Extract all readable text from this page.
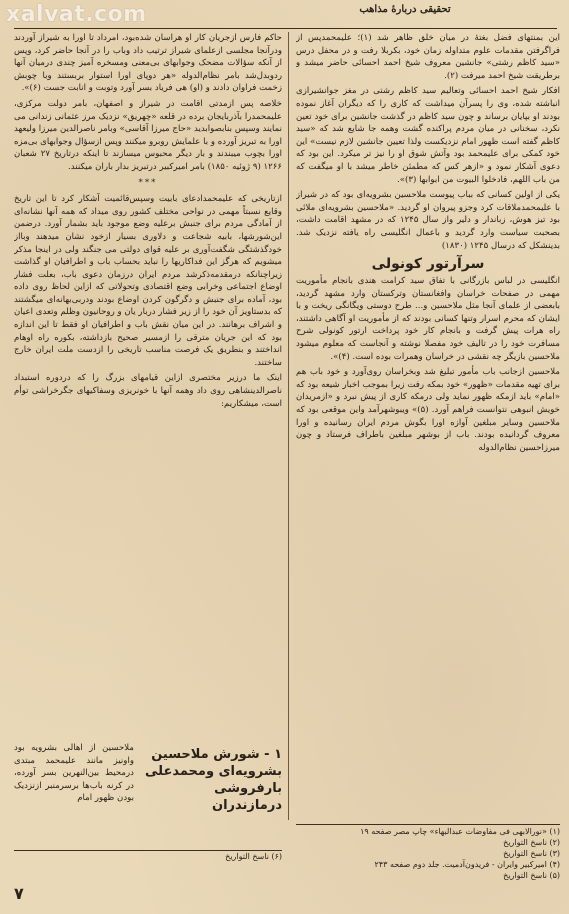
xalvat.com	تحقیقی دربارهٔ مذاهب

این بمنتهای فضل بغتهٔ در میان خلق ظاهر شد (۱)؛ علیمحمدپس از فراگرفتن مقدمات علوم متداوله زمان خود، بکربلا رفت و در محفل درس «سید کاظم رشتی» جانشین معروف شیخ احمد احسائی حاضر میشد و برطریقت شیخ احمد میرفت (۲).

افکار شیخ احمد احسائی وتعالیم سید کاظم رشتی در مغز جوانشیرازی انباشته شده، وی را پسرآن میداشت که کاری را که دیگران آغاز نموده بودند او بپایان برساند و چون سید کاظم در گذشت جانشین برای خود تعین نکرد، سخنانی در میان مردم پراکنده گشت وهمه جا شایع شد که «سید کاظم گفته است ظهور امام نزدیکست ولذا تعیین جانشین لازم نیست» این خود کمکی برای علیمحمد بود وآتش شوق او را نیز تر میکرد. این بود که دعوی آشکار نمود و «ازهر کس که مطمئن خاطر میشد با او میگفت که من باب اللهم، فادخلوا البیوت من ابوابها (۳)».

یکی از اولین کسانی که بباب پیوست ملاحسین بشرویه‌ای بود که در شیراز با علیمحمدملاقات کرد وجزو پیروان او گردید. «ملاحسین بشرویه‌ای ملائی بود تیز هوش، زباندار و دلیر واز سال ۱۲۴۵ که در مشهد اقامت داشت، بصحبت سیاست وارد گردید و باعمال انگلیسی راه یافته نزدیک شد. بدینشکل که درسال ۱۲۴۵ (۱۸۳۰)

سرآرتور کونولی

انگلیسی در لباس بازرگانی با تفاق سید کرامت هندی بانجام مأموریت مهمی در صفحات خراسان وافغانستان وترکستان وارد مشهد گردید، بابعضی از علمای آنجا مثل ملاحسین و... طرح دوستی ویگانگی ریخت و با ایشان که محرم اسرار وتنها کسانی بودند که از مأموریت او آگاهی داشتند، راه هرات پیش گرفت و بانجام کار خود پرداخت ارتور کونولی شرح مسافرت خود را در تالیف خود مفصلا نوشته و آنجاست که معلوم میشود ملاحسین بازیگر چه نقشی در خراسان وهمرات بوده است. (۴)».

ملاحسین ازجانب باب مأمور تبلیغ شد وبخراسان روی‌آورد و خود باب هم برای تهیه مقدمات «ظهور» خود بمکه رفت زیرا بموجب اخبار شیعه بود که «امام» باید ازمکه ظهور نماید ولی درمکه کاری از پیش نبرد و «ازمریدان خویش انبوهی نتوانست فراهم آورد. (۵)» ویبوشهرآمد واین موقعی بود که ملاحسین وسایر مبلغین آوازه اورا بگوش مردم ایران رسانیده و اورا معروف گردانیده بودند. باب از بوشهر مبلغین باطراف فرستاد و چون میرزاحسین نظام‌الدوله

حاکم فارس ازجریان کار او هراسان شده‌بود، امرداد تا اورا به شیراز آوردند ودرآنجا مجلسی ازعلمای شیراز ترتیب داد وباب را در آنجا حاضر کرد، وپس از آنکه سؤالات مضحک وجوابهای بی‌معنی ومسخره آمیز چندی درمیان آنها ردوبدل‌شد بامر نظام‌الدوله «هر دوپای اورا استوار بربستند وبا چوبش زخمت فراوان دادند و (او) هی فریاد بسر آورد وتوبت و انابت جست (۶)».

خلاصه پس ازمدتی اقامت در شیراز و اصفهان، بامر دولت مرکزی، علیمحمدرا بآذربایجان برده در قلعه «چهریق» نزدیک مرز عثمانی زندانی می نمایند وسپس بنابصوابدید «حاج میرزا آقاسی» وبامر ناصرالدین میرزا ولیعهد اورا به تبریز آورده و با علمایش روبرو میکنند وپس ازسؤال وجوابهای بی‌مزه اورا بچوب میبندند و بار دیگر محبوس میسازند تا اینکه درتاریخ ۲۷ شعبان ۱۲۶۶ (۹ ژوئیه ۱۸۵۰) بامر امیرکبیر درتبریز بدار باران میکنند.

***

ازتاریخی که علیمحمدادعای بابیت وسپس‌قائمیت آشکار کرد تا این تاریخ وقایع نسبتاً مهمی در نواحی مختلف کشور روی میداد که همه آنها نشانه‌ای از آمادگی مردم برای جنبش برعلیه وضع موجود باید بشمار آورد. درضمن این‌شورشها، بابیه شجاعت و دلاوری بسیار ازخود نشان میدهند وبااز خودگذشتگی شگفت‌آوری بر علیه قوای دولتی می جنگند ولی در اینجا مذکر میشویم که هرگز این فداکاریها را نباید بحساب باب و اطرافیان او گذاشت زیراچنانکه درمقدمه‌ذکرشد مردم ایران درزمان دعوی باب، بعلت فشار اوضاع اجتماعی وخرابی وضع اقتصادی وتحولاتی که ازاین لحاظ روی داده بود، آماده برای جنبش و دگرگون کردن اوضاع بودند ودربی‌بهانه‌ای میگشتند که بدستاویز آن خود را از زیر فشار دربار یان و روحانیون وظلم وتعدی اعیان و اشراف برهانند. در این میان نقش باب و اطرافیان او فقط تا این اندازه بود که این جریان مترقی را ازمسیر صحیح بازداشته، بکوره راه اوهام انداختند و بنطریق یک فرصت مناسب تاریخی را ازدست ملت ایران خارج ساختند.

اینک ما درزیر مختصری ازاین قیامهای بزرگ را که دردوره استبداد ناصرالدینشاهی روی داد وهمه آنها با خونریزی وسفاکیهای جگرخراشی توأم است، میشکاریم:

۱ - شورش ملاحسین بشرویه‌ای ومحمدعلی بارفروشی درمازندران
ملاحسین از اهالی بشرویه بود واونیز مانند علیمحمد مبتدی درمحیط بین‌النهرین بسر آورده، در کرنه باب‌ها برسرمنبر ازنزدیک بودن ظهور امام
(۶) ناسخ التواریخ
(۱) «نورالابهی فی مفاوضات عبدالبهاء» چاپ مصر صفحه ۱۹
(۲) ناسخ التواریخ
(۳) ناسخ التواریخ
(۴) امیرکبیر وایران - فریدون‌آدمیت. جلد دوم صفحه ۲۴۳
(۵) ناسخ التواریخ
۷
